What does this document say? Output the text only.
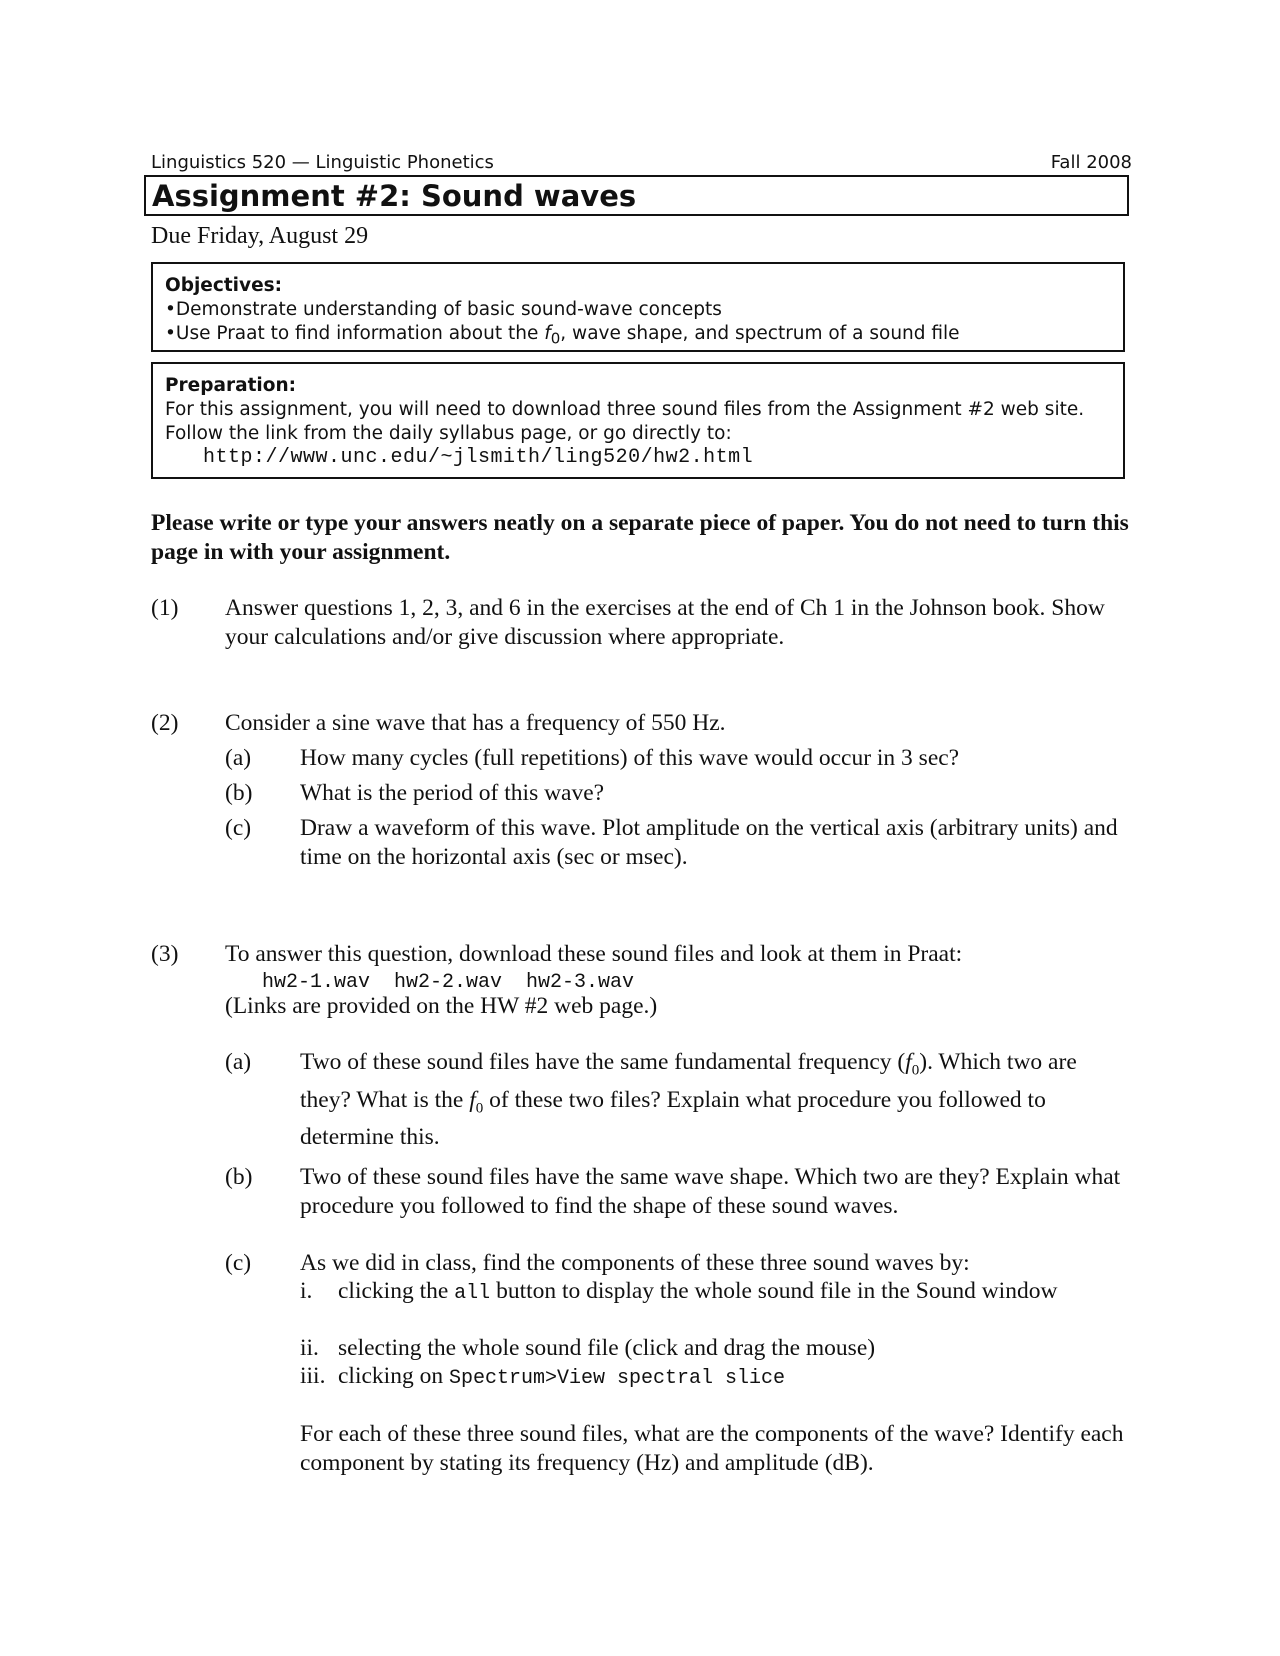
Linguistics 520 — Linguistic Phonetics	Fall 2008
Assignment #2: Sound waves
Due Friday, August 29
Objectives:
• Demonstrate understanding of basic sound-wave concepts
• Use Praat to find information about the $f_0$, wave shape, and spectrum of a sound file
Preparation:
For this assignment, you will need to download three sound files from the Assignment #2 web site. Follow the link from the daily syllabus page, or go directly to:
http://www.unc.edu/~jlsmith/ling520/hw2.html
Please write or type your answers neatly on a separate piece of paper. You do not need to turn this page in with your assignment.
(1) Answer questions 1, 2, 3, and 6 in the exercises at the end of Ch 1 in the Johnson book. Show your calculations and/or give discussion where appropriate.
(2) Consider a sine wave that has a frequency of 550 Hz.
(a) How many cycles (full repetitions) of this wave would occur in 3 sec?
(b) What is the period of this wave?
(c) Draw a waveform of this wave. Plot amplitude on the vertical axis (arbitrary units) and time on the horizontal axis (sec or msec).
(3) To answer this question, download these sound files and look at them in Praat:
hw2-1.wav  hw2-2.wav  hw2-3.wav
(Links are provided on the HW #2 web page.)
(a) Two of these sound files have the same fundamental frequency $(f_0)$. Which two are they? What is the $f_0$ of these two files? Explain what procedure you followed to determine this.
(b) Two of these sound files have the same wave shape. Which two are they? Explain what procedure you followed to find the shape of these sound waves.
(c) As we did in class, find the components of these three sound waves by:
i. clicking the all button to display the whole sound file in the Sound window
ii. selecting the whole sound file (click and drag the mouse)
iii. clicking on Spectrum>View spectral slice
For each of these three sound files, what are the components of the wave? Identify each component by stating its frequency (Hz) and amplitude (dB).
